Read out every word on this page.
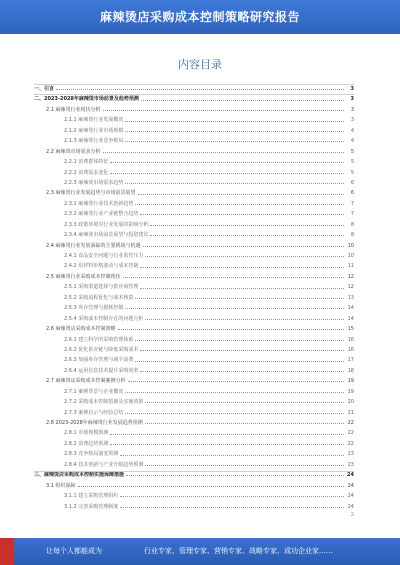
麻辣烫店采购成本控制策略研究报告
内容目录
一、引言	3
二、2023-2028年麻辣烫市场前景及趋势预测	3
2.1 麻辣烫行业现状分析	3
2.1.1 麻辣烫行业发展概况	3
2.1.2 麻辣烫行业市场规模	4
2.1.3 麻辣烫行业竞争格局	4
2.2 麻辣烫市场需求分析	5
2.2.1 消费群体特征	5
2.2.2 消费需求变化	5
2.2.3 麻辣烫市场需求趋势	6
2.3 麻辣烫行业发展趋势与市场前景展望	6
2.3.1 麻辣烫行业技术创新趋势	7
2.3.2 麻辣烫行业产业链整合趋势	7
2.3.3 政策环境对行业发展的影响分析	8
2.3.4 麻辣烫市场前景展望与投资建议	8
2.4 麻辣烫行业发展面临的主要挑战与机遇	10
2.4.1 食品安全问题与行业监管压力	10
2.4.2 原材料价格波动与成本控制	11
2.5 麻辣烫行业采购成本控制现状	12
2.5.1 采购渠道选择与供应商管理	12
2.5.2 采购流程优化与成本核算	13
2.5.3 库存管理与损耗控制	14
2.5.4 采购成本控制存在的问题分析	14
2.6 麻辣烫店采购成本控制策略	15
2.6.1 建立科学的采购管理体系	16
2.6.2 优化供应链与降低采购成本	16
2.6.3 加强库存管理与减少浪费	17
2.6.4 运用信息技术提升采购效率	18
2.7 麻辣烫店采购成本控制案例分析	19
2.7.1 案例背景与企业概况	19
2.7.2 采购成本控制措施及实施效果	20
2.7.3 案例启示与经验总结	21
2.8 2023-2028年麻辣烫行业发展趋势预测	22
2.8.1 市场规模预测	22
2.8.2 消费趋势预测	22
2.8.3 竞争格局演变预测	23
2.8.4 技术创新与产业升级趋势预测	23
三、麻辣烫店采购成本控制实施保障措施	24
3.1 组织保障	24
3.1.1 建立采购管理组织	24
3.1.2 完善采购管理制度	24
2
让每个人都能成为	行业专家、管理专家、营销专家、战略专家、成功企业家……
